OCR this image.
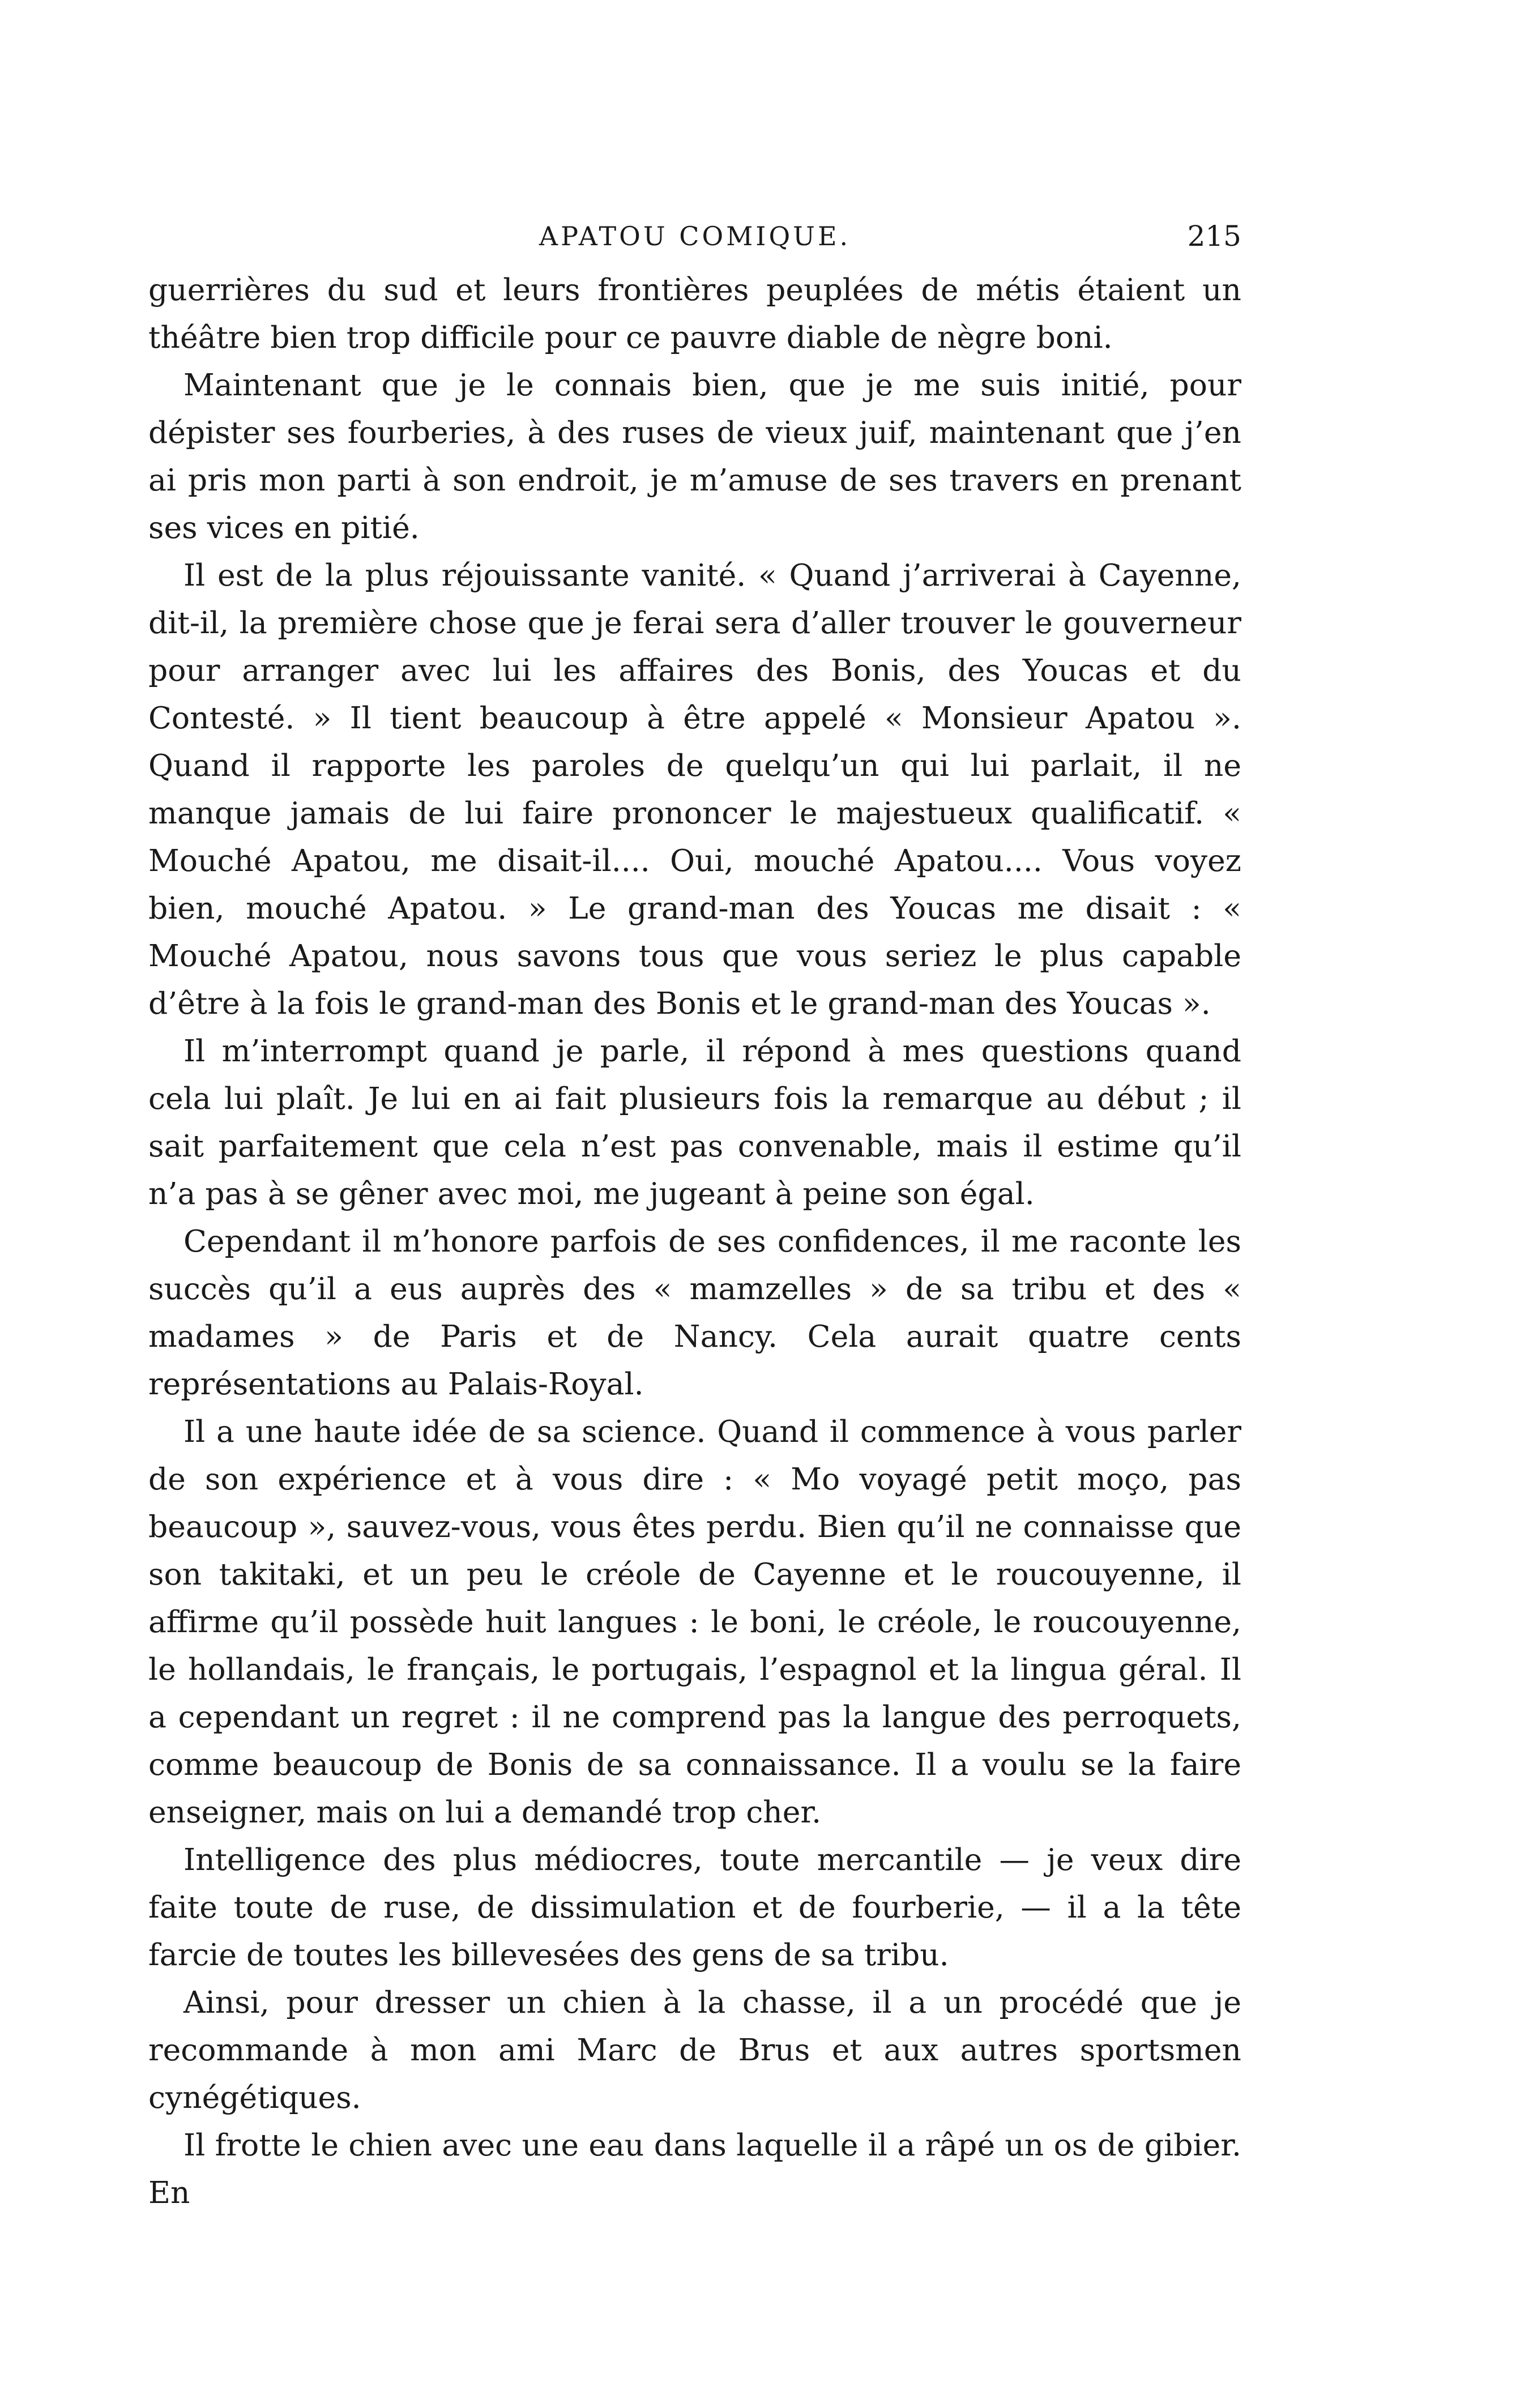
APATOU COMIQUE.	215

guerrières du sud et leurs frontières peuplées de métis étaient un théâtre bien trop difficile pour ce pauvre diable de nègre boni.

Maintenant que je le connais bien, que je me suis initié, pour dépister ses fourberies, à des ruses de vieux juif, maintenant que j’en ai pris mon parti à son endroit, je m’amuse de ses travers en prenant ses vices en pitié.

Il est de la plus réjouissante vanité. « Quand j’arriverai à Cayenne, dit-il, la première chose que je ferai sera d’aller trouver le gouverneur pour arranger avec lui les affaires des Bonis, des Youcas et du Contesté. » Il tient beaucoup à être appelé « Monsieur Apatou ». Quand il rapporte les paroles de quelqu’un qui lui parlait, il ne manque jamais de lui faire prononcer le majestueux qualificatif. « Mouché Apatou, me disait-il.... Oui, mouché Apatou.... Vous voyez bien, mouché Apatou. » Le grand-man des Youcas me disait : « Mouché Apatou, nous savons tous que vous seriez le plus capable d’être à la fois le grand-man des Bonis et le grand-man des Youcas ».

Il m’interrompt quand je parle, il répond à mes questions quand cela lui plaît. Je lui en ai fait plusieurs fois la remarque au début ; il sait parfaitement que cela n’est pas convenable, mais il estime qu’il n’a pas à se gêner avec moi, me jugeant à peine son égal.

Cependant il m’honore parfois de ses confidences, il me raconte les succès qu’il a eus auprès des « mamzelles » de sa tribu et des « madames » de Paris et de Nancy. Cela aurait quatre cents représentations au Palais-Royal.

Il a une haute idée de sa science. Quand il commence à vous parler de son expérience et à vous dire : « Mo voyagé petit moço, pas beaucoup », sauvez-vous, vous êtes perdu. Bien qu’il ne connaisse que son takitaki, et un peu le créole de Cayenne et le roucouyenne, il affirme qu’il possède huit langues : le boni, le créole, le roucouyenne, le hollandais, le français, le portugais, l’espagnol et la lingua géral. Il a cependant un regret : il ne comprend pas la langue des perroquets, comme beaucoup de Bonis de sa connaissance. Il a voulu se la faire enseigner, mais on lui a demandé trop cher.

Intelligence des plus médiocres, toute mercantile — je veux dire faite toute de ruse, de dissimulation et de fourberie, — il a la tête farcie de toutes les billevesées des gens de sa tribu.

Ainsi, pour dresser un chien à la chasse, il a un procédé que je recommande à mon ami Marc de Brus et aux autres sportsmen cynégétiques.

Il frotte le chien avec une eau dans laquelle il a râpé un os de gibier. En
